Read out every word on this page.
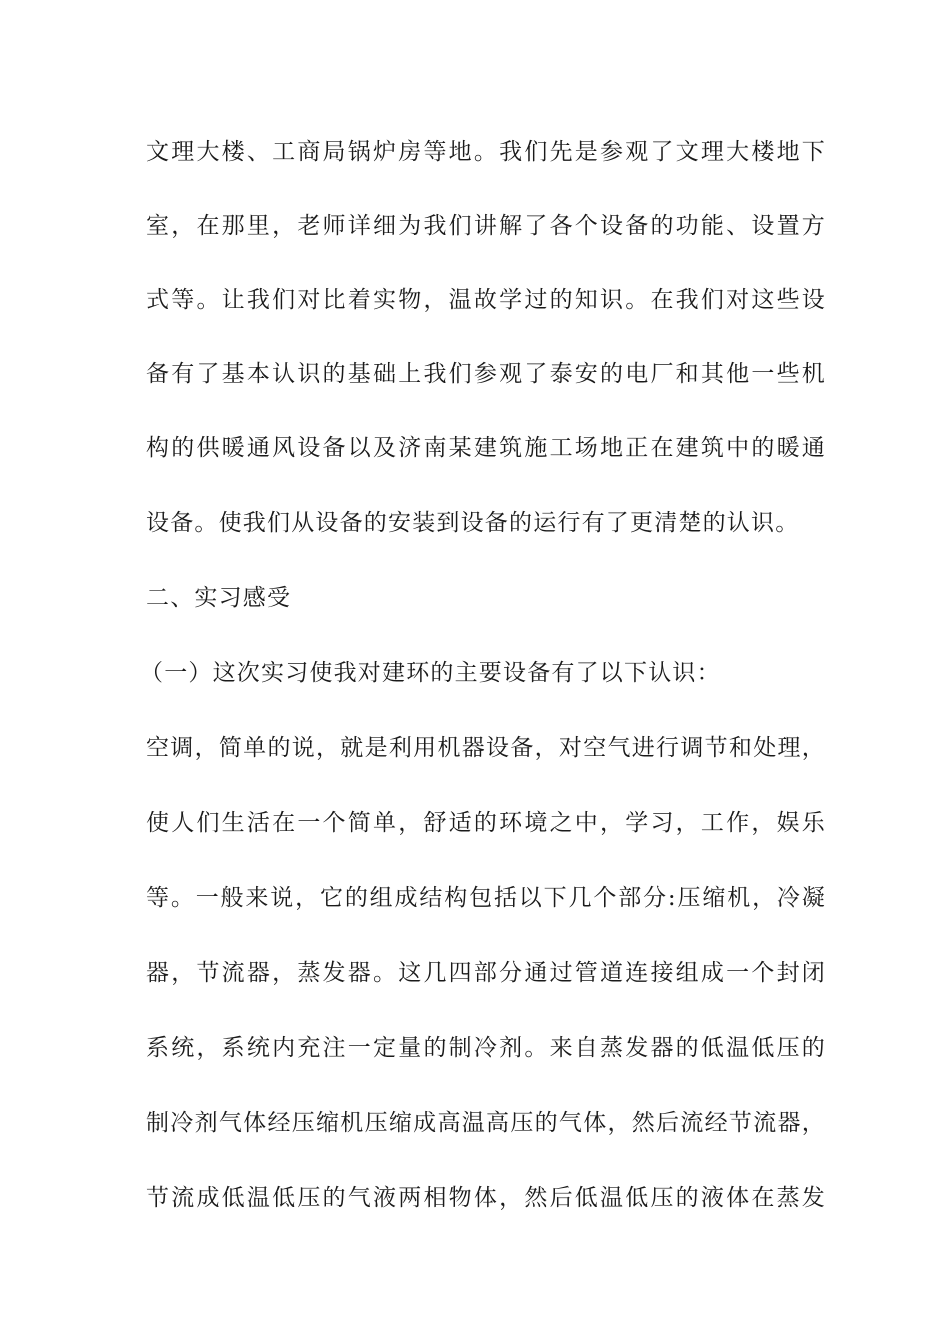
文理大楼、工商局锅炉房等地。我们先是参观了文理大楼地下
室，在那里，老师详细为我们讲解了各个设备的功能、设置方
式等。让我们对比着实物，温故学过的知识。在我们对这些设
备有了基本认识的基础上我们参观了泰安的电厂和其他一些机
构的供暖通风设备以及济南某建筑施工场地正在建筑中的暖通
设备。使我们从设备的安装到设备的运行有了更清楚的认识。
二、实习感受
（一）这次实习使我对建环的主要设备有了以下认识：
空调，简单的说，就是利用机器设备，对空气进行调节和处理，
使人们生活在一个简单，舒适的环境之中，学习，工作，娱乐
等。一般来说，它的组成结构包括以下几个部分:压缩机，冷凝
器，节流器，蒸发器。这几四部分通过管道连接组成一个封闭
系统，系统内充注一定量的制冷剂。来自蒸发器的低温低压的
制冷剂气体经压缩机压缩成高温高压的气体，然后流经节流器，
节流成低温低压的气液两相物体，然后低温低压的液体在蒸发
